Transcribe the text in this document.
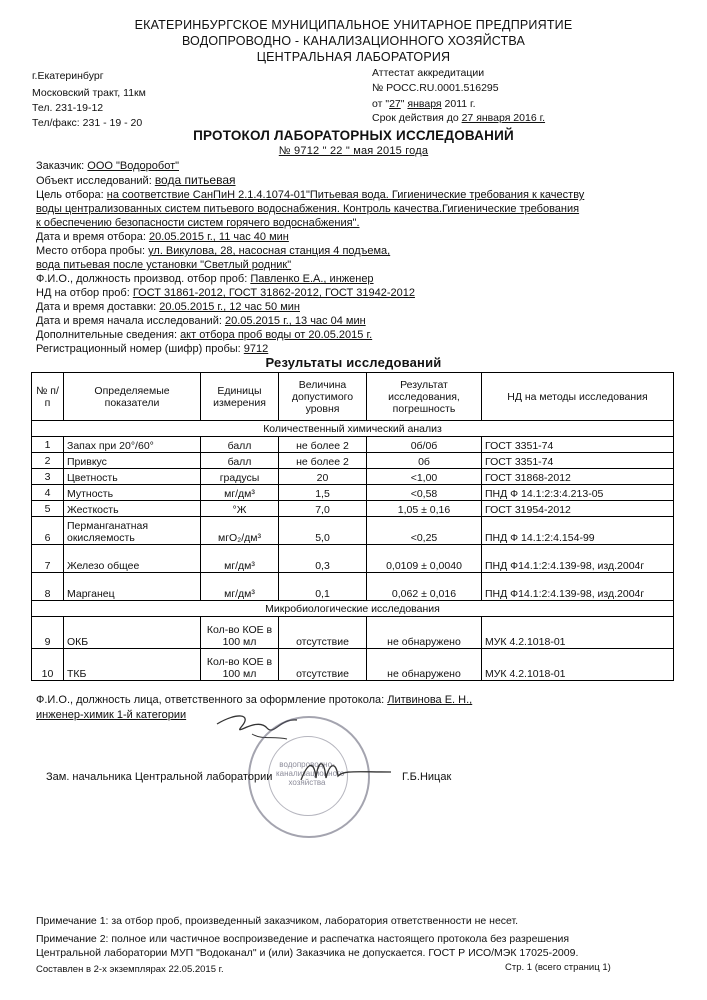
ЕКАТЕРИНБУРГСКОЕ МУНИЦИПАЛЬНОЕ УНИТАРНОЕ ПРЕДПРИЯТИЕ
ВОДОПРОВОДНО - КАНАЛИЗАЦИОННОГО ХОЗЯЙСТВА
ЦЕНТРАЛЬНАЯ ЛАБОРАТОРИЯ
г.Екатеринбург
Московский тракт, 11км
Тел. 231-19-12
Тел/факс: 231 - 19 - 20
Аттестат аккредитации
№ РОСС.RU.0001.516295
от "27" января 2011 г.
Срок действия до 27 января 2016 г.
ПРОТОКОЛ ЛАБОРАТОРНЫХ ИССЛЕДОВАНИЙ
№ 9712 " 22 " мая 2015 года
Заказчик: ООО "Водоробот"
Объект исследований: вода питьевая
Цель отбора: на соответствие СанПиН 2.1.4.1074-01"Питьевая вода. Гигиенические требования к качеству
воды централизованных систем питьевого водоснабжения. Контроль качества.Гигиенические требования
к обеспечению безопасности систем горячего водоснабжения".
Дата и время отбора: 20.05.2015 г., 11 час 40 мин
Место отбора пробы: ул. Викулова, 28, насосная станция 4 подъема,
вода питьевая после установки "Светлый родник"
Ф.И.О., должность производ. отбор проб: Павленко Е.А., инженер
НД на отбор проб: ГОСТ 31861-2012, ГОСТ 31862-2012, ГОСТ 31942-2012
Дата и время доставки: 20.05.2015 г., 12 час 50 мин
Дата и время начала исследований: 20.05.2015 г., 13 час 04 мин
Дополнительные сведения: акт отбора проб воды от 20.05.2015 г.
Регистрационный номер (шифр) пробы: 9712
Результаты исследований
№ п/п	Определяемые показатели	Единицы измерения	Величина допустимого уровня	Результат исследования, погрешность	НД на методы исследования
Количественный химический анализ					
1	Запах при 20°/60°	балл	не более 2	0б/0б	ГОСТ 3351-74
2	Привкус	балл	не более 2	0б	ГОСТ 3351-74
3	Цветность	градусы	20	<1,00	ГОСТ 31868-2012
4	Мутность	мг/дм³	1,5	<0,58	ПНД Ф 14.1:2:3:4.213-05
5	Жесткость	°Ж	7,0	1,05 ± 0,16	ГОСТ 31954-2012
6	Перманганатная окисляемость	мгО₂/дм³	5,0	<0,25	ПНД Ф 14.1:2:4.154-99
7	Железо общее	мг/дм³	0,3	0,0109 ± 0,0040	ПНД Ф14.1:2:4.139-98, изд.2004г
8	Марганец	мг/дм³	0,1	0,062 ± 0,016	ПНД Ф14.1:2:4.139-98, изд.2004г
Микробиологические исследования					
9	ОКБ	Кол-во КОЕ в 100 мл	отсутствие	не обнаружено	МУК 4.2.1018-01
10	ТКБ	Кол-во КОЕ в 100 мл	отсутствие	не обнаружено	МУК 4.2.1018-01
Ф.И.О., должность лица, ответственного за оформление протокола: Литвинова Е. Н.,
инженер-химик 1-й категории
водопроводно-канализационного хозяйства
Зам. начальника Центральной лаборатории	Г.Б.Ницак
Примечание 1: за отбор проб, произведенный заказчиком, лаборатория ответственности не несет.
Примечание 2: полное или частичное воспроизведение и распечатка настоящего протокола без разрешения
Центральной лаборатории МУП "Водоканал" и (или) Заказчика не допускается. ГОСТ Р ИСО/МЭК 17025-2009.
Составлен в 2-х экземплярах 22.05.2015 г.	Стр. 1 (всего страниц 1)
